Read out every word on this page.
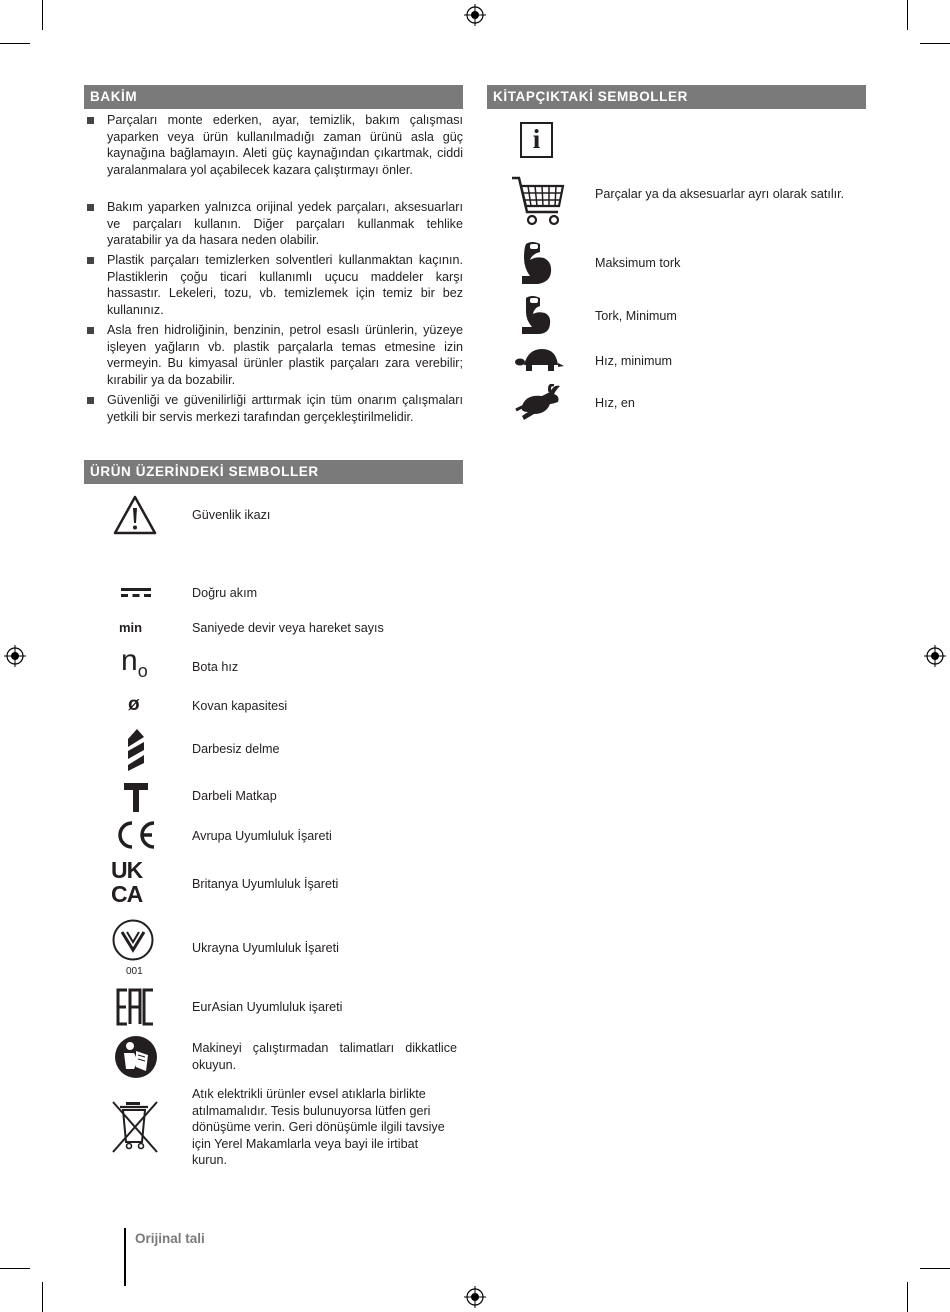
BAKİM
Parçaları monte ederken, ayar, temizlik, bakım çalışması yaparken veya ürün kullanılmadığı zaman ürünü asla güç kaynağına bağlamayın. Aleti güç kaynağından çıkartmak, ciddi yaralanmalara yol açabilecek kazara çalıştırmayı önler.
Bakım yaparken yalnızca orijinal yedek parçaları, aksesuarları ve parçaları kullanın. Diğer parçaları kullanmak tehlike yaratabilir ya da hasara neden olabilir.
Plastik parçaları temizlerken solventleri kullanmaktan kaçının. Plastiklerin çoğu ticari kullanımlı uçucu maddeler karşı hassastır. Lekeleri, tozu, vb. temizlemek için temiz bir bez kullanınız.
Asla fren hidroliğinin, benzinin, petrol esaslı ürünlerin, yüzeye işleyen yağların vb. plastik parçalarla temas etmesine izin vermeyin. Bu kimyasal ürünler plastik parçaları zara verebilir; kırabilir ya da bozabilir.
Güvenliği ve güvenilirliği arttırmak için tüm onarım çalışmaları yetkili bir servis merkezi tarafından gerçekleştirilmelidir.
ÜRÜN ÜZERİNDEKİ SEMBOLLER
Güvenlik ikazı
Doğru akım
min	Saniyede devir veya hareket sayıs
no	Bota hız
ø	Kovan kapasitesi
Darbesiz delme
Darbeli Matkap
Avrupa Uyumluluk İşareti
UK
CA	Britanya Uyumluluk İşareti
001
Ukrayna Uyumluluk İşareti
EurAsian Uyumluluk işareti
Makineyi çalıştırmadan talimatları dikkatlice okuyun.
Atık elektrikli ürünler evsel atıklarla birlikte atılmamalıdır. Tesis bulunuyorsa lütfen geri dönüşüme verin. Geri dönüşümle ilgili tavsiye için Yerel Makamlarla veya bayi ile irtibat kurun.
KİTAPÇIKTAKİ SEMBOLLER
i
Parçalar ya da aksesuarlar ayrı olarak satılır.
Maksimum tork
Tork, Minimum
Hız, minimum
Hız, en
Orijinal tali
